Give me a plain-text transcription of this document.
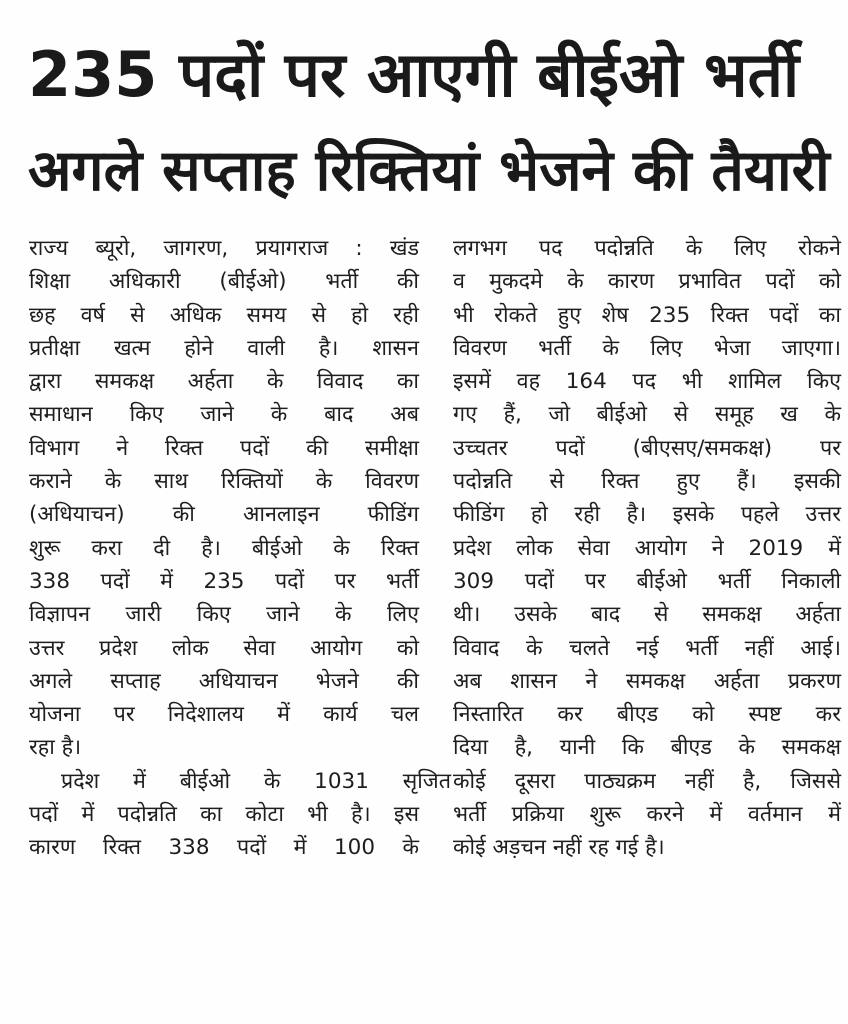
235 पदों पर आएगी बीईओ भर्ती
अगले सप्ताह रिक्तियां भेजने की तैयारी
राज्य ब्यूरो, जागरण, प्रयागराज : खंड
शिक्षा अधिकारी (बीईओ) भर्ती की
छह वर्ष से अधिक समय से हो रही
प्रतीक्षा खत्म होने वाली है। शासन
द्वारा समकक्ष अर्हता के विवाद का
समाधान किए जाने के बाद अब
विभाग ने रिक्त पदों की समीक्षा
कराने के साथ रिक्तियों के विवरण
(अधियाचन) की आनलाइन फीडिंग
शुरू करा दी है। बीईओ के रिक्त
338 पदों में 235 पदों पर भर्ती
विज्ञापन जारी किए जाने के लिए
उत्तर प्रदेश लोक सेवा आयोग को
अगले सप्ताह अधियाचन भेजने की
योजना पर निदेशालय में कार्य चल
रहा है।
प्रदेश में बीईओ के 1031 सृजित
पदों में पदोन्नति का कोटा भी है। इस
कारण रिक्त 338 पदों में 100 के
लगभग पद पदोन्नति के लिए रोकने
व मुकदमे के कारण प्रभावित पदों को
भी रोकते हुए शेष 235 रिक्त पदों का
विवरण भर्ती के लिए भेजा जाएगा।
इसमें वह 164 पद भी शामिल किए
गए हैं, जो बीईओ से समूह ख के
उच्चतर पदों (बीएसए/समकक्ष) पर
पदोन्नति से रिक्त हुए हैं। इसकी
फीडिंग हो रही है। इसके पहले उत्तर
प्रदेश लोक सेवा आयोग ने 2019 में
309 पदों पर बीईओ भर्ती निकाली
थी। उसके बाद से समकक्ष अर्हता
विवाद के चलते नई भर्ती नहीं आई।
अब शासन ने समकक्ष अर्हता प्रकरण
निस्तारित कर बीएड को स्पष्ट कर
दिया है, यानी कि बीएड के समकक्ष
कोई दूसरा पाठ्यक्रम नहीं है, जिससे
भर्ती प्रक्रिया शुरू करने में वर्तमान में
कोई अड़चन नहीं रह गई है।
